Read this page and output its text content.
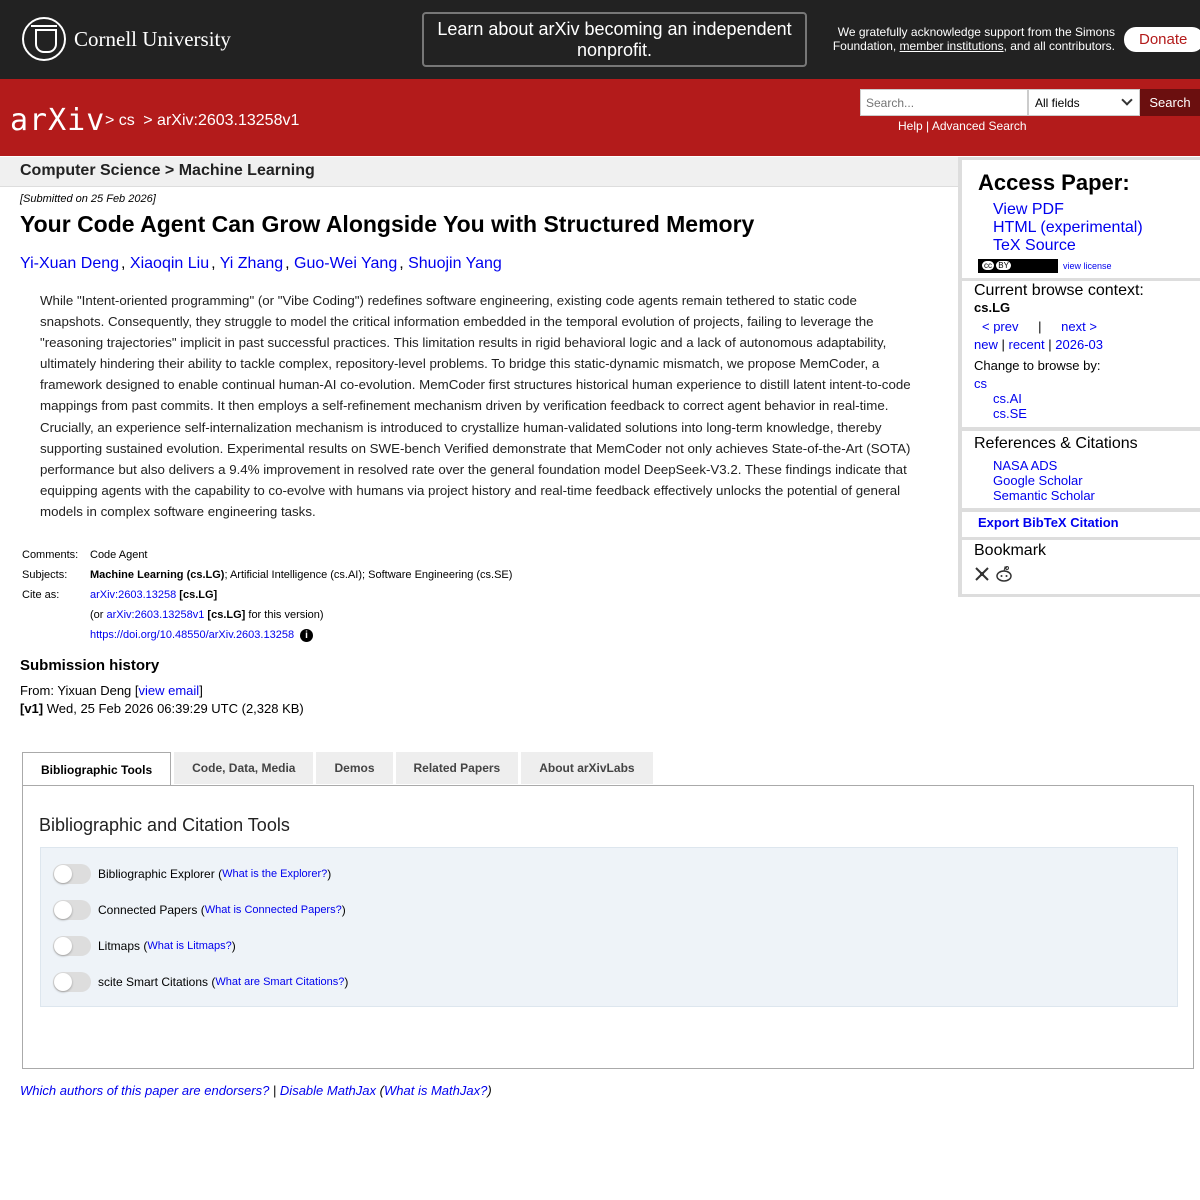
Cornell University	Learn about arXiv becoming an independent nonprofit.
We gratefully acknowledge support from the Simons Foundation, member institutions, and all contributors.	Donate
arXiv > cs > arXiv:2603.13258v1
Search...
All fields	Search
Help | Advanced Search
Computer Science > Machine Learning
[Submitted on 25 Feb 2026]
Your Code Agent Can Grow Alongside You with Structured Memory
Yi-Xuan Deng , Xiaoqin Liu , Yi Zhang , Guo-Wei Yang , Shuojin Yang
While "Intent-oriented programming" (or "Vibe Coding") redefines software engineering, existing code agents remain tethered to static code snapshots. Consequently, they struggle to model the critical information embedded in the temporal evolution of projects, failing to leverage the "reasoning trajectories" implicit in past successful practices. This limitation results in rigid behavioral logic and a lack of autonomous adaptability, ultimately hindering their ability to tackle complex, repository-level problems. To bridge this static-dynamic mismatch, we propose MemCoder, a framework designed to enable continual human-AI co-evolution. MemCoder first structures historical human experience to distill latent intent-to-code mappings from past commits. It then employs a self-refinement mechanism driven by verification feedback to correct agent behavior in real-time. Crucially, an experience self-internalization mechanism is introduced to crystallize human-validated solutions into long-term knowledge, thereby supporting sustained evolution. Experimental results on SWE-bench Verified demonstrate that MemCoder not only achieves State-of-the-Art (SOTA) performance but also delivers a 9.4% improvement in resolved rate over the general foundation model DeepSeek-V3.2. These findings indicate that equipping agents with the capability to co-evolve with humans via project history and real-time feedback effectively unlocks the potential of general models in complex software engineering tasks.
Comments:	Code Agent
Subjects:	Machine Learning (cs.LG); Artificial Intelligence (cs.AI); Software Engineering (cs.SE)
Cite as:	arXiv:2603.13258 [cs.LG]
(or arXiv:2603.13258v1 [cs.LG] for this version)
https://doi.org/10.48550/arXiv.2603.13258 i
Submission history
From: Yixuan Deng [view email]
[v1] Wed, 25 Feb 2026 06:39:29 UTC (2,328 KB)
Bibliographic Tools	Code, Data, Media	Demos	Related Papers	About arXivLabs
Bibliographic and Citation Tools
Bibliographic Explorer ( What is the Explorer? )
Connected Papers ( What is Connected Papers? )
Litmaps ( What is Litmaps? )
scite Smart Citations ( What are Smart Citations? )
Which authors of this paper are endorsers? | Disable MathJax (What is MathJax?)
Access Paper:
View PDF
HTML (experimental)
TeX Source
cc BY	view license
Current browse context:
cs.LG
< prev | next >
new | recent | 2026-03
Change to browse by:
cs
cs.AI
cs.SE
References & Citations
NASA ADS
Google Scholar
Semantic Scholar
Export BibTeX Citation
Bookmark
